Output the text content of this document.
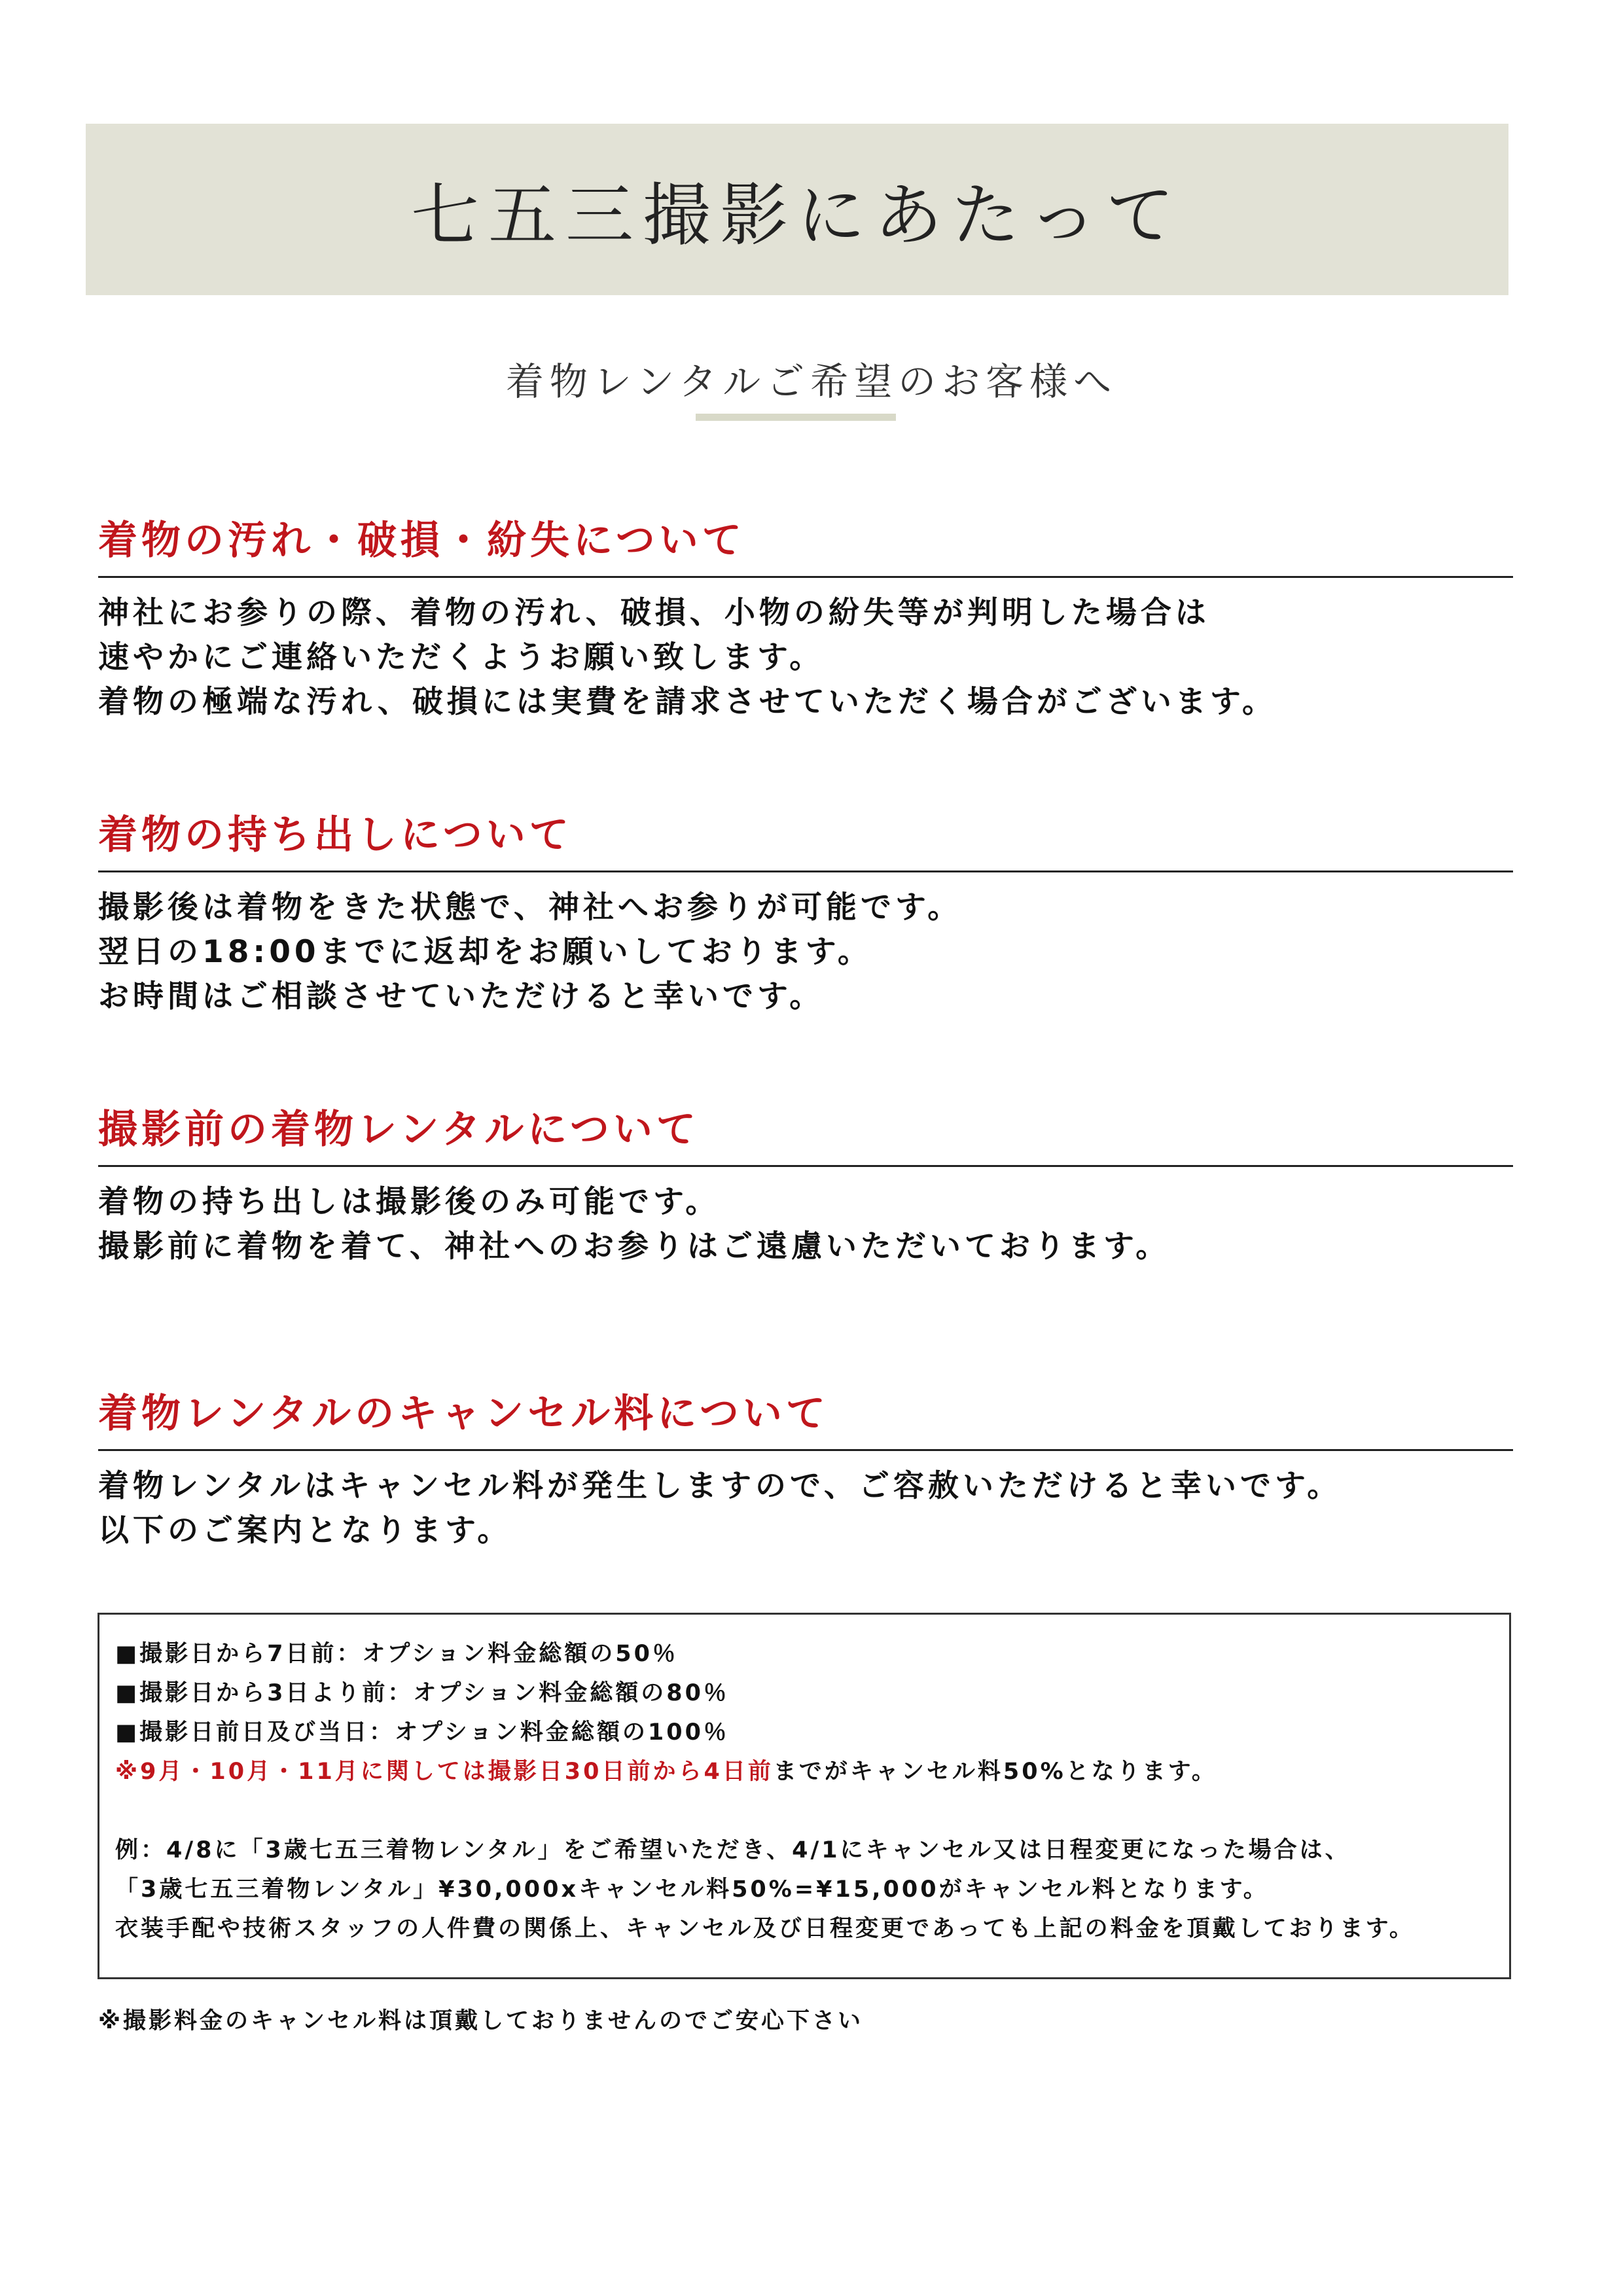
七五三撮影にあたって
着物レンタルご希望のお客様へ
着物の汚れ・破損・紛失について
神社にお参りの際、着物の汚れ、破損、小物の紛失等が判明した場合は
速やかにご連絡いただくようお願い致します。
着物の極端な汚れ、破損には実費を請求させていただく場合がございます。
着物の持ち出しについて
撮影後は着物をきた状態で、神社へお参りが可能です。
翌日の18:00までに返却をお願いしております。
お時間はご相談させていただけると幸いです。
撮影前の着物レンタルについて
着物の持ち出しは撮影後のみ可能です。
撮影前に着物を着て、神社へのお参りはご遠慮いただいております。
着物レンタルのキャンセル料について
着物レンタルはキャンセル料が発生しますので、ご容赦いただけると幸いです。
以下のご案内となります。
■撮影日から7日前：オプション料金総額の50％
■撮影日から3日より前：オプション料金総額の80％
■撮影日前日及び当日：オプション料金総額の100％
※9月・10月・11月に関しては撮影日30日前から4日前までがキャンセル料50%となります。
例：4/8に「3歳七五三着物レンタル」をご希望いただき、4/1にキャンセル又は日程変更になった場合は、
「3歳七五三着物レンタル」¥30,000xキャンセル料50%=¥15,000がキャンセル料となります。
衣装手配や技術スタッフの人件費の関係上、キャンセル及び日程変更であっても上記の料金を頂戴しております。
※撮影料金のキャンセル料は頂戴しておりませんのでご安心下さい
